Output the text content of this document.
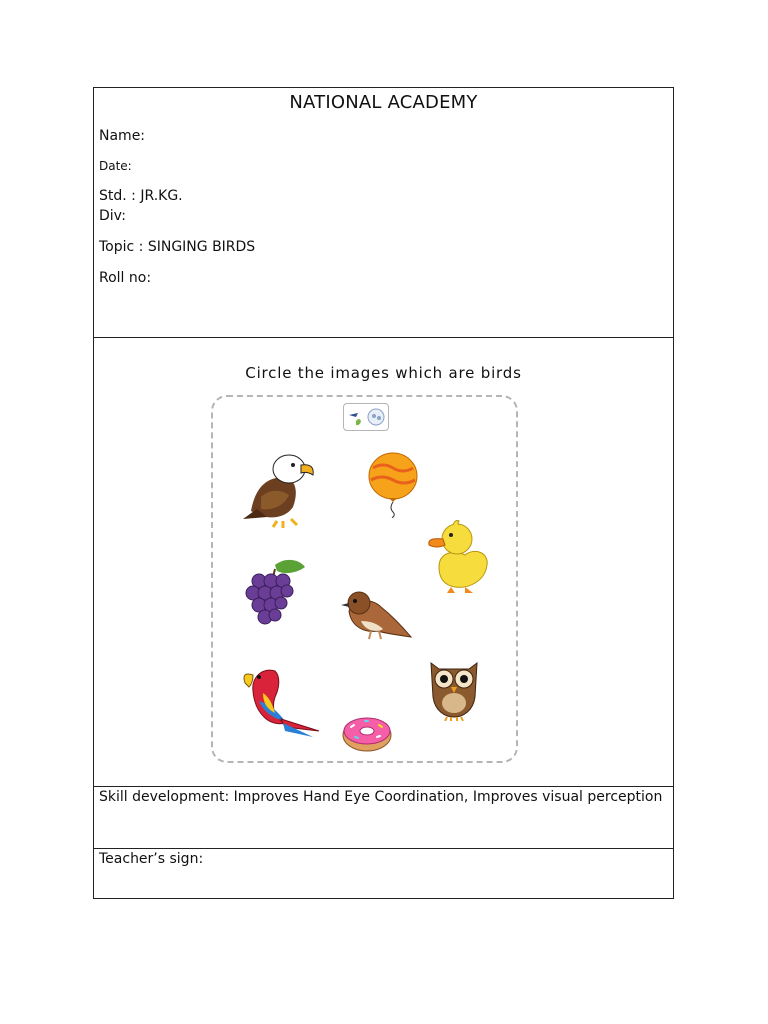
NATIONAL ACADEMY
Name:
Date:
Std. : JR.KG.
Div:
Topic : SINGING BIRDS
Roll no:
Circle the images which are birds
Skill development: Improves Hand Eye Coordination, Improves visual perception
Teacher’s sign:
